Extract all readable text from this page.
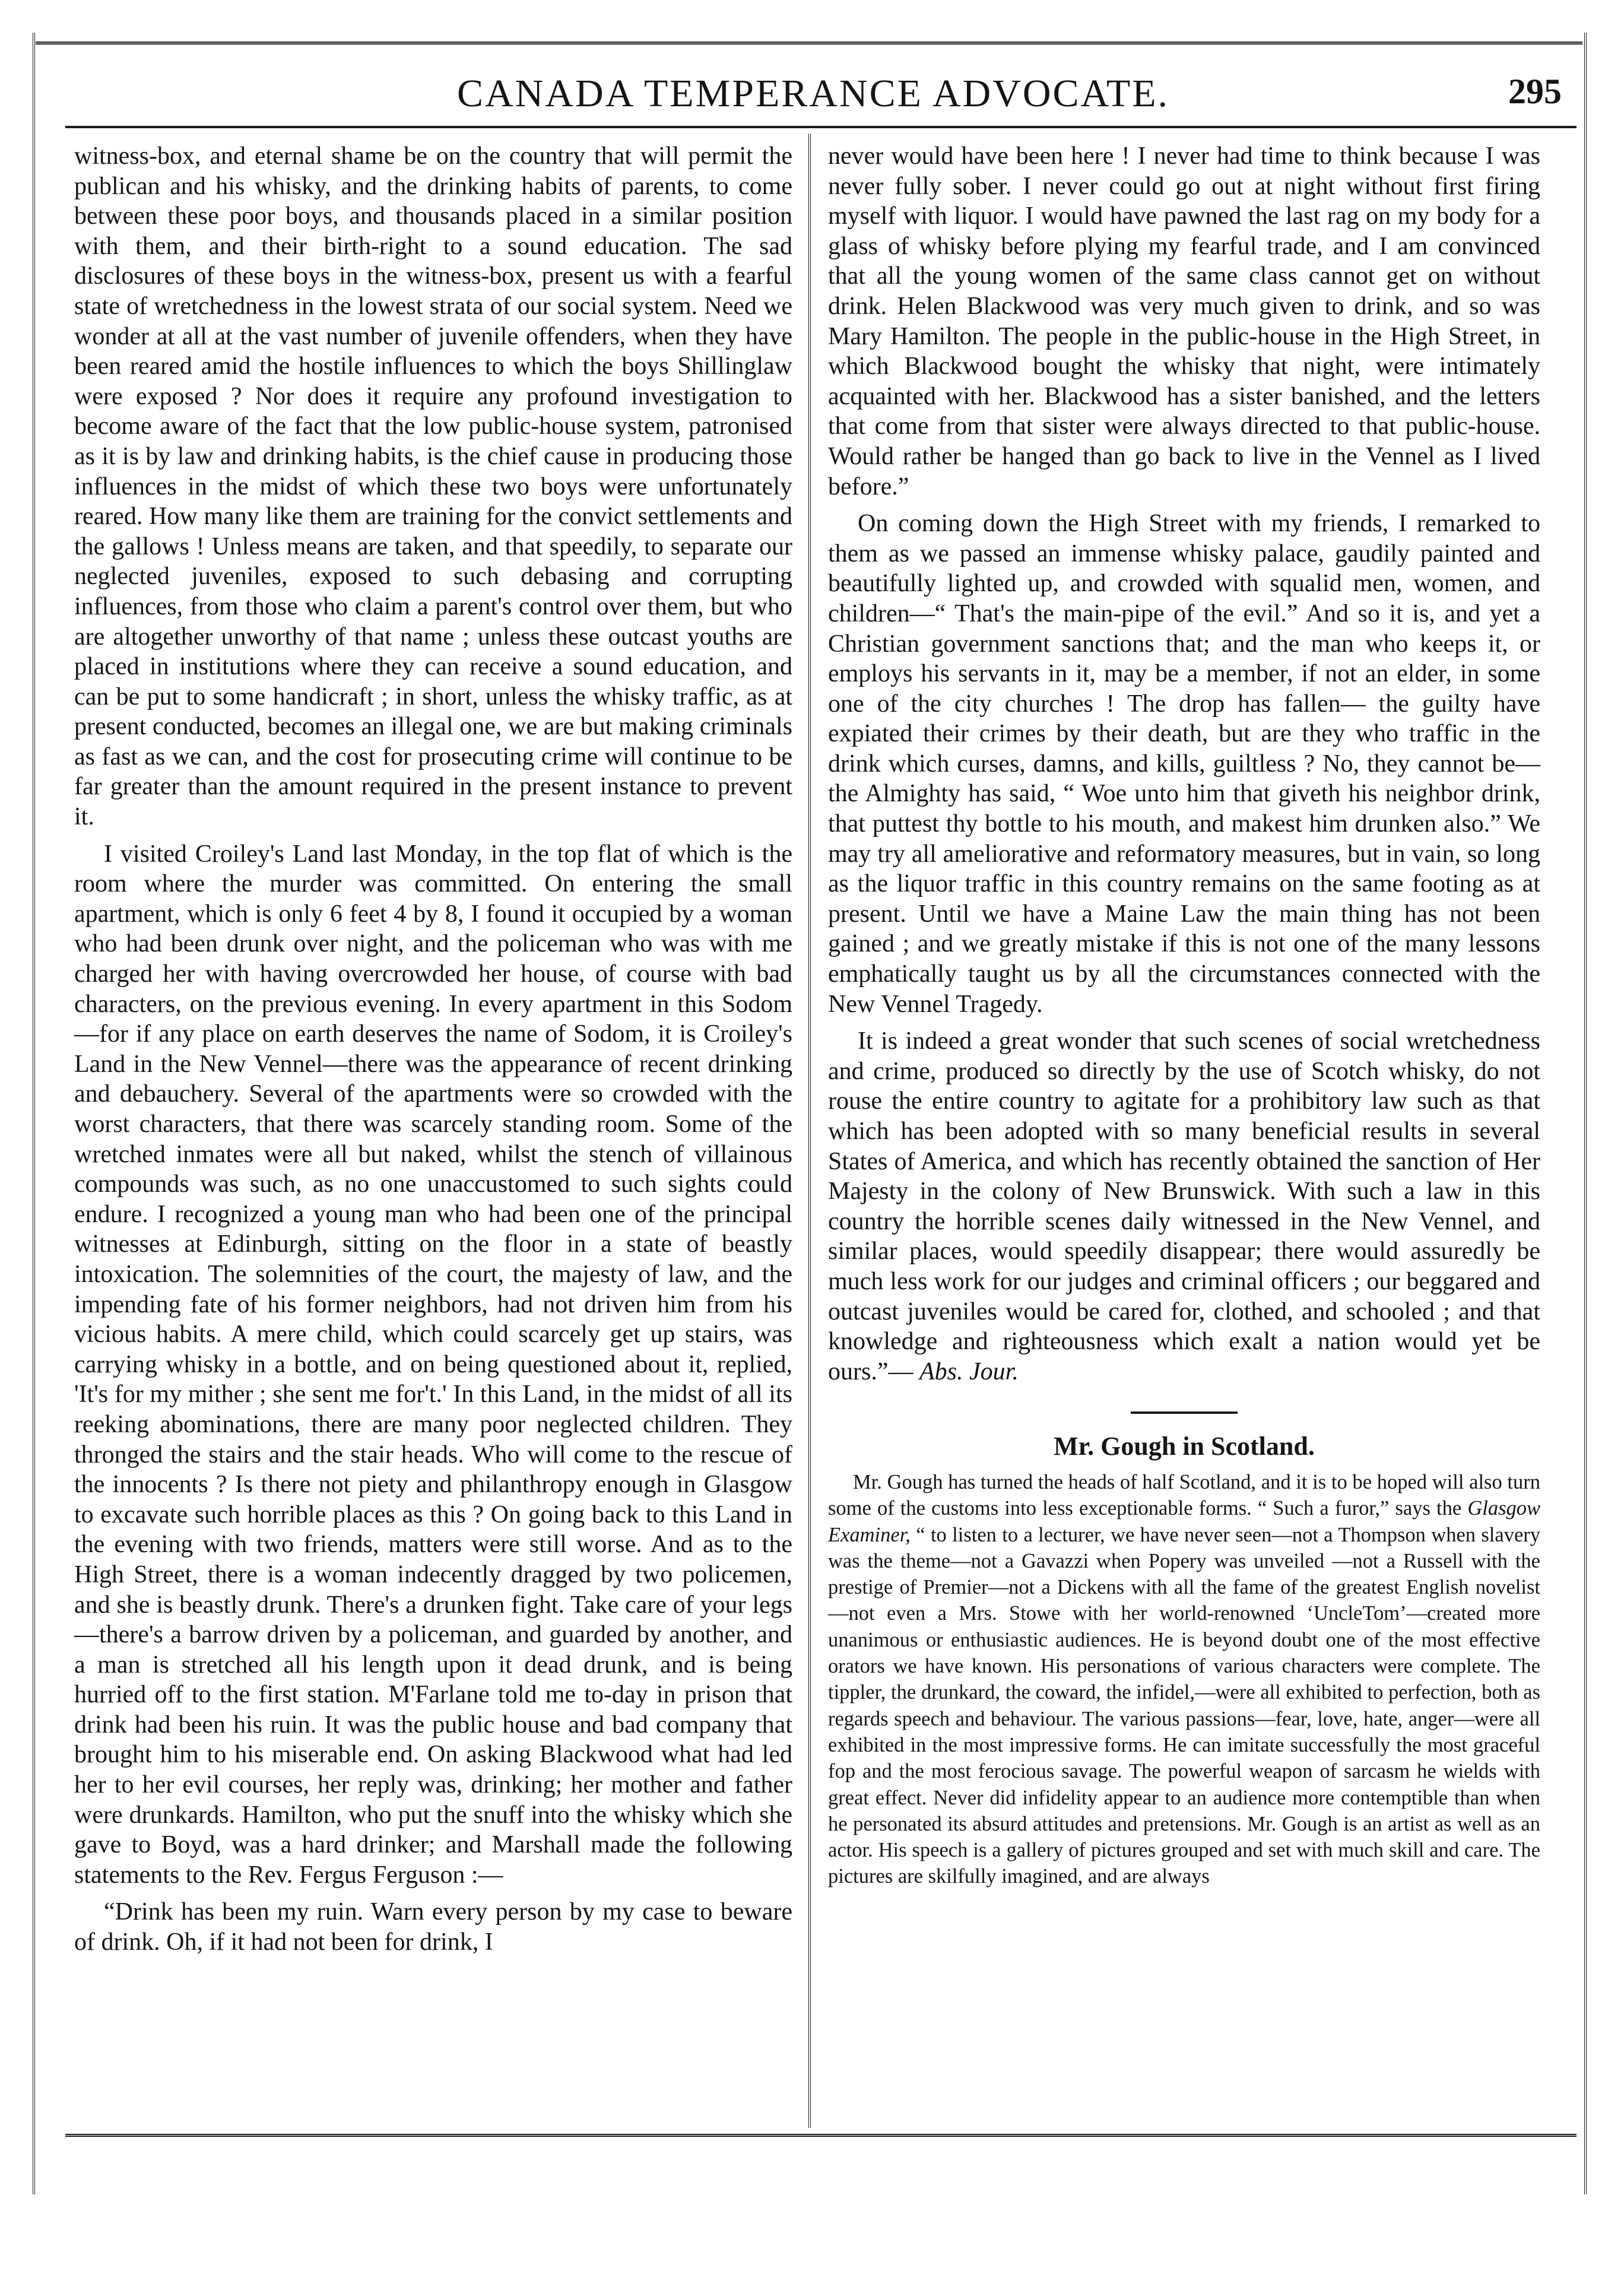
CANADA TEMPERANCE ADVOCATE.	295

witness-box, and eternal shame be on the country that will permit the publican and his whisky, and the drinking habits of parents, to come between these poor boys, and thousands placed in a similar position with them, and their birth-right to a sound education. The sad disclosures of these boys in the witness-box, present us with a fearful state of wretchedness in the lowest strata of our social system. Need we wonder at all at the vast number of juvenile offenders, when they have been reared amid the hostile influences to which the boys Shillinglaw were exposed ? Nor does it require any profound investigation to become aware of the fact that the low public-house system, patronised as it is by law and drinking habits, is the chief cause in producing those influences in the midst of which these two boys were unfortunately reared. How many like them are training for the convict settlements and the gallows ! Unless means are taken, and that speedily, to separate our neglected juveniles, exposed to such debasing and corrupting influences, from those who claim a parent's control over them, but who are altogether unworthy of that name ; unless these outcast youths are placed in institutions where they can receive a sound education, and can be put to some handicraft ; in short, unless the whisky traffic, as at present conducted, becomes an illegal one, we are but making criminals as fast as we can, and the cost for prosecuting crime will continue to be far greater than the amount required in the present instance to prevent it.

I visited Croiley's Land last Monday, in the top flat of which is the room where the murder was committed. On entering the small apartment, which is only 6 feet 4 by 8, I found it occupied by a woman who had been drunk over night, and the policeman who was with me charged her with having overcrowded her house, of course with bad characters, on the previous evening. In every apartment in this Sodom—for if any place on earth deserves the name of Sodom, it is Croiley's Land in the New Vennel—there was the appearance of recent drinking and debauchery. Several of the apartments were so crowded with the worst characters, that there was scarcely standing room. Some of the wretched inmates were all but naked, whilst the stench of villainous compounds was such, as no one unaccustomed to such sights could endure. I recognized a young man who had been one of the principal witnesses at Edinburgh, sitting on the floor in a state of beastly intoxication. The solemnities of the court, the majesty of law, and the impending fate of his former neighbors, had not driven him from his vicious habits. A mere child, which could scarcely get up stairs, was carrying whisky in a bottle, and on being questioned about it, replied, 'It's for my mither ; she sent me for't.' In this Land, in the midst of all its reeking abominations, there are many poor neglected children. They thronged the stairs and the stair heads. Who will come to the rescue of the innocents ? Is there not piety and philanthropy enough in Glasgow to excavate such horrible places as this ? On going back to this Land in the evening with two friends, matters were still worse. And as to the High Street, there is a woman indecently dragged by two policemen, and she is beastly drunk. There's a drunken fight. Take care of your legs—there's a barrow driven by a policeman, and guarded by another, and a man is stretched all his length upon it dead drunk, and is being hurried off to the first station. M'Farlane told me to-day in prison that drink had been his ruin. It was the public house and bad company that brought him to his miserable end. On asking Blackwood what had led her to her evil courses, her reply was, drinking; her mother and father were drunkards. Hamilton, who put the snuff into the whisky which she gave to Boyd, was a hard drinker; and Marshall made the following statements to the Rev. Fergus Ferguson :—

“Drink has been my ruin. Warn every person by my case to beware of drink. Oh, if it had not been for drink, I

never would have been here ! I never had time to think because I was never fully sober. I never could go out at night without first firing myself with liquor. I would have pawned the last rag on my body for a glass of whisky before plying my fearful trade, and I am convinced that all the young women of the same class cannot get on without drink. Helen Blackwood was very much given to drink, and so was Mary Hamilton. The people in the public-house in the High Street, in which Blackwood bought the whisky that night, were intimately acquainted with her. Blackwood has a sister banished, and the letters that come from that sister were always directed to that public-house. Would rather be hanged than go back to live in the Vennel as I lived before.”

On coming down the High Street with my friends, I remarked to them as we passed an immense whisky palace, gaudily painted and beautifully lighted up, and crowded with squalid men, women, and children—“ That's the main-pipe of the evil.” And so it is, and yet a Christian government sanctions that; and the man who keeps it, or employs his servants in it, may be a member, if not an elder, in some one of the city churches ! The drop has fallen— the guilty have expiated their crimes by their death, but are they who traffic in the drink which curses, damns, and kills, guiltless ? No, they cannot be—the Almighty has said, “ Woe unto him that giveth his neighbor drink, that puttest thy bottle to his mouth, and makest him drunken also.” We may try all ameliorative and reformatory measures, but in vain, so long as the liquor traffic in this country remains on the same footing as at present. Until we have a Maine Law the main thing has not been gained ; and we greatly mistake if this is not one of the many lessons emphatically taught us by all the circumstances connected with the New Vennel Tragedy.

It is indeed a great wonder that such scenes of social wretchedness and crime, produced so directly by the use of Scotch whisky, do not rouse the entire country to agitate for a prohibitory law such as that which has been adopted with so many beneficial results in several States of America, and which has recently obtained the sanction of Her Majesty in the colony of New Brunswick. With such a law in this country the horrible scenes daily witnessed in the New Vennel, and similar places, would speedily disappear; there would assuredly be much less work for our judges and criminal officers ; our beggared and outcast juveniles would be cared for, clothed, and schooled ; and that knowledge and righteousness which exalt a nation would yet be ours.”— Abs. Jour.

Mr. Gough in Scotland.

Mr. Gough has turned the heads of half Scotland, and it is to be hoped will also turn some of the customs into less exceptionable forms. “ Such a furor,” says the Glasgow Examiner, “ to listen to a lecturer, we have never seen—not a Thompson when slavery was the theme—not a Gavazzi when Popery was unveiled —not a Russell with the prestige of Premier—not a Dickens with all the fame of the greatest English novelist—not even a Mrs. Stowe with her world-renowned ‘UncleTom’—created more unanimous or enthusiastic audiences. He is beyond doubt one of the most effective orators we have known. His personations of various characters were complete. The tippler, the drunkard, the coward, the infidel,—were all exhibited to perfection, both as regards speech and behaviour. The various passions—fear, love, hate, anger—were all exhibited in the most impressive forms. He can imitate successfully the most graceful fop and the most ferocious savage. The powerful weapon of sarcasm he wields with great effect. Never did infidelity appear to an audience more contemptible than when he personated its absurd attitudes and pretensions. Mr. Gough is an artist as well as an actor. His speech is a gallery of pictures grouped and set with much skill and care. The pictures are skilfully imagined, and are always
